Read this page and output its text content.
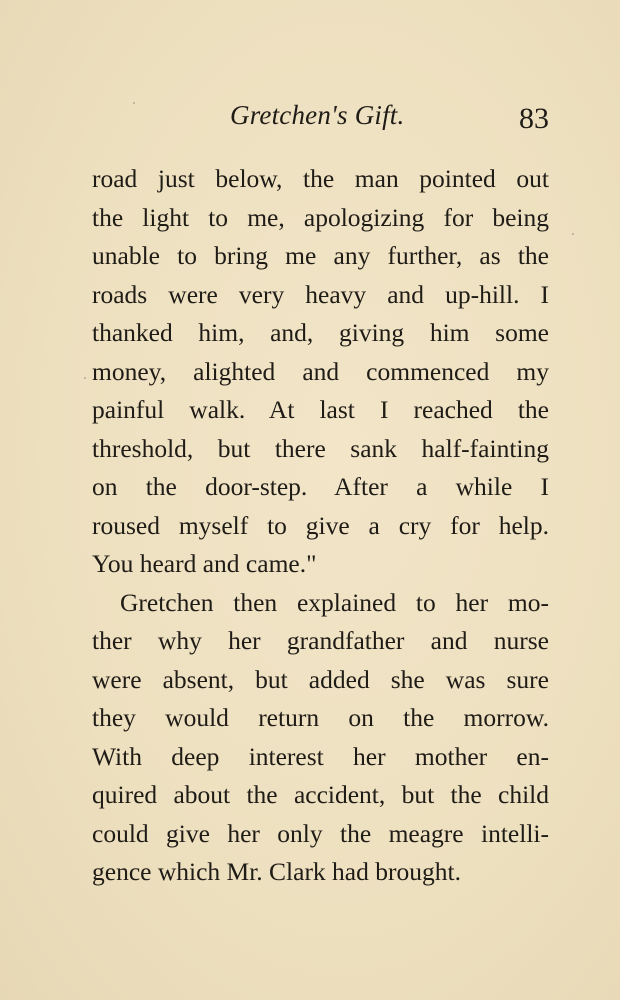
Gretchen's Gift.	83
road just below, the man pointed out
the light to me, apologizing for being
unable to bring me any further, as the
roads were very heavy and up-hill. I
thanked him, and, giving him some
money, alighted and commenced my
painful walk. At last I reached the
threshold, but there sank half-fainting
on the door-step. After a while I
roused myself to give a cry for help.
You heard and came."
Gretchen then explained to her mo-
ther why her grandfather and nurse
were absent, but added she was sure
they would return on the morrow.
With deep interest her mother en-
quired about the accident, but the child
could give her only the meagre intelli-
gence which Mr. Clark had brought.
